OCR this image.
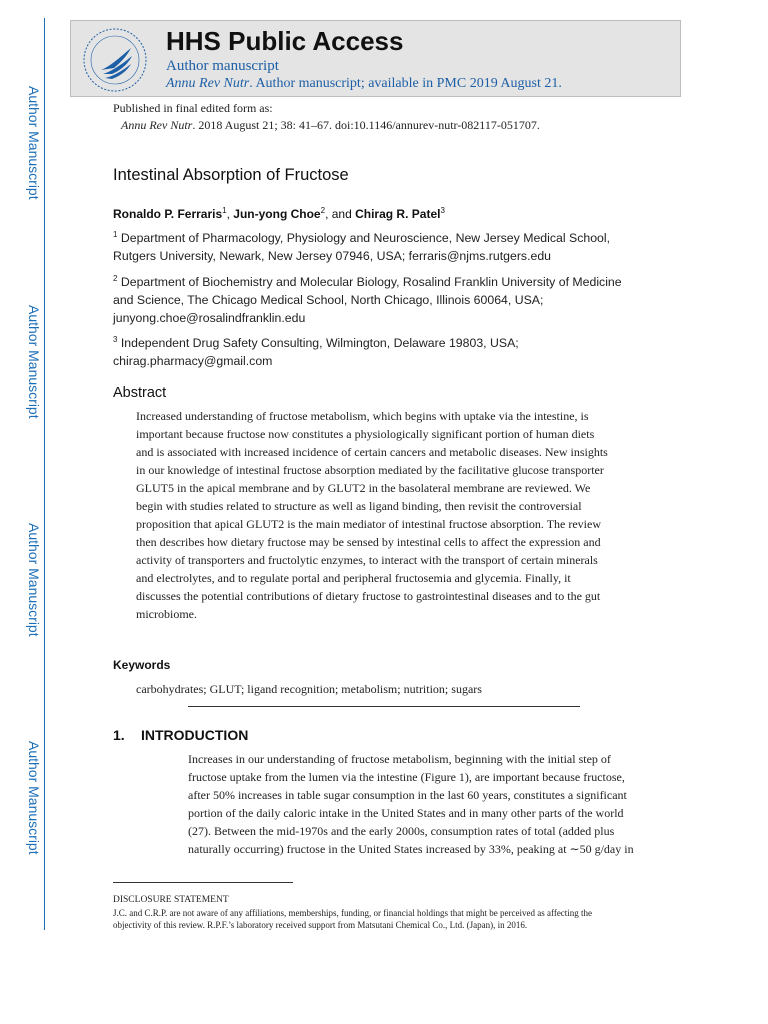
Author Manuscript
Author Manuscript
Author Manuscript
Author Manuscript
HHS Public Access
Author manuscript
Annu Rev Nutr. Author manuscript; available in PMC 2019 August 21.
Published in final edited form as:
Annu Rev Nutr. 2018 August 21; 38: 41–67. doi:10.1146/annurev-nutr-082117-051707.
Intestinal Absorption of Fructose
Ronaldo P. Ferraris$^1$, Jun-yong Choe$^2$, and Chirag R. Patel$^3$
$^1$ Department of Pharmacology, Physiology and Neuroscience, New Jersey Medical School, Rutgers University, Newark, New Jersey 07946, USA; ferraris@njms.rutgers.edu
$^2$ Department of Biochemistry and Molecular Biology, Rosalind Franklin University of Medicine and Science, The Chicago Medical School, North Chicago, Illinois 60064, USA; junyong.choe@rosalindfranklin.edu
$^3$ Independent Drug Safety Consulting, Wilmington, Delaware 19803, USA; chirag.pharmacy@gmail.com
Abstract
Increased understanding of fructose metabolism, which begins with uptake via the intestine, is
important because fructose now constitutes a physiologically significant portion of human diets
and is associated with increased incidence of certain cancers and metabolic diseases. New insights
in our knowledge of intestinal fructose absorption mediated by the facilitative glucose transporter
GLUT5 in the apical membrane and by GLUT2 in the basolateral membrane are reviewed. We
begin with studies related to structure as well as ligand binding, then revisit the controversial
proposition that apical GLUT2 is the main mediator of intestinal fructose absorption. The review
then describes how dietary fructose may be sensed by intestinal cells to affect the expression and
activity of transporters and fructolytic enzymes, to interact with the transport of certain minerals
and electrolytes, and to regulate portal and peripheral fructosemia and glycemia. Finally, it
discusses the potential contributions of dietary fructose to gastrointestinal diseases and to the gut
microbiome.
Keywords
carbohydrates; GLUT; ligand recognition; metabolism; nutrition; sugars
1. INTRODUCTION
Increases in our understanding of fructose metabolism, beginning with the initial step of
fructose uptake from the lumen via the intestine (Figure 1), are important because fructose,
after 50% increases in table sugar consumption in the last 60 years, constitutes a significant
portion of the daily caloric intake in the United States and in many other parts of the world
(27). Between the mid-1970s and the early 2000s, consumption rates of total (added plus
naturally occurring) fructose in the United States increased by 33%, peaking at ∼50 g/day in
DISCLOSURE STATEMENT
J.C. and C.R.P. are not aware of any affiliations, memberships, funding, or financial holdings that might be perceived as affecting the
objectivity of this review. R.P.F.’s laboratory received support from Matsutani Chemical Co., Ltd. (Japan), in 2016.
